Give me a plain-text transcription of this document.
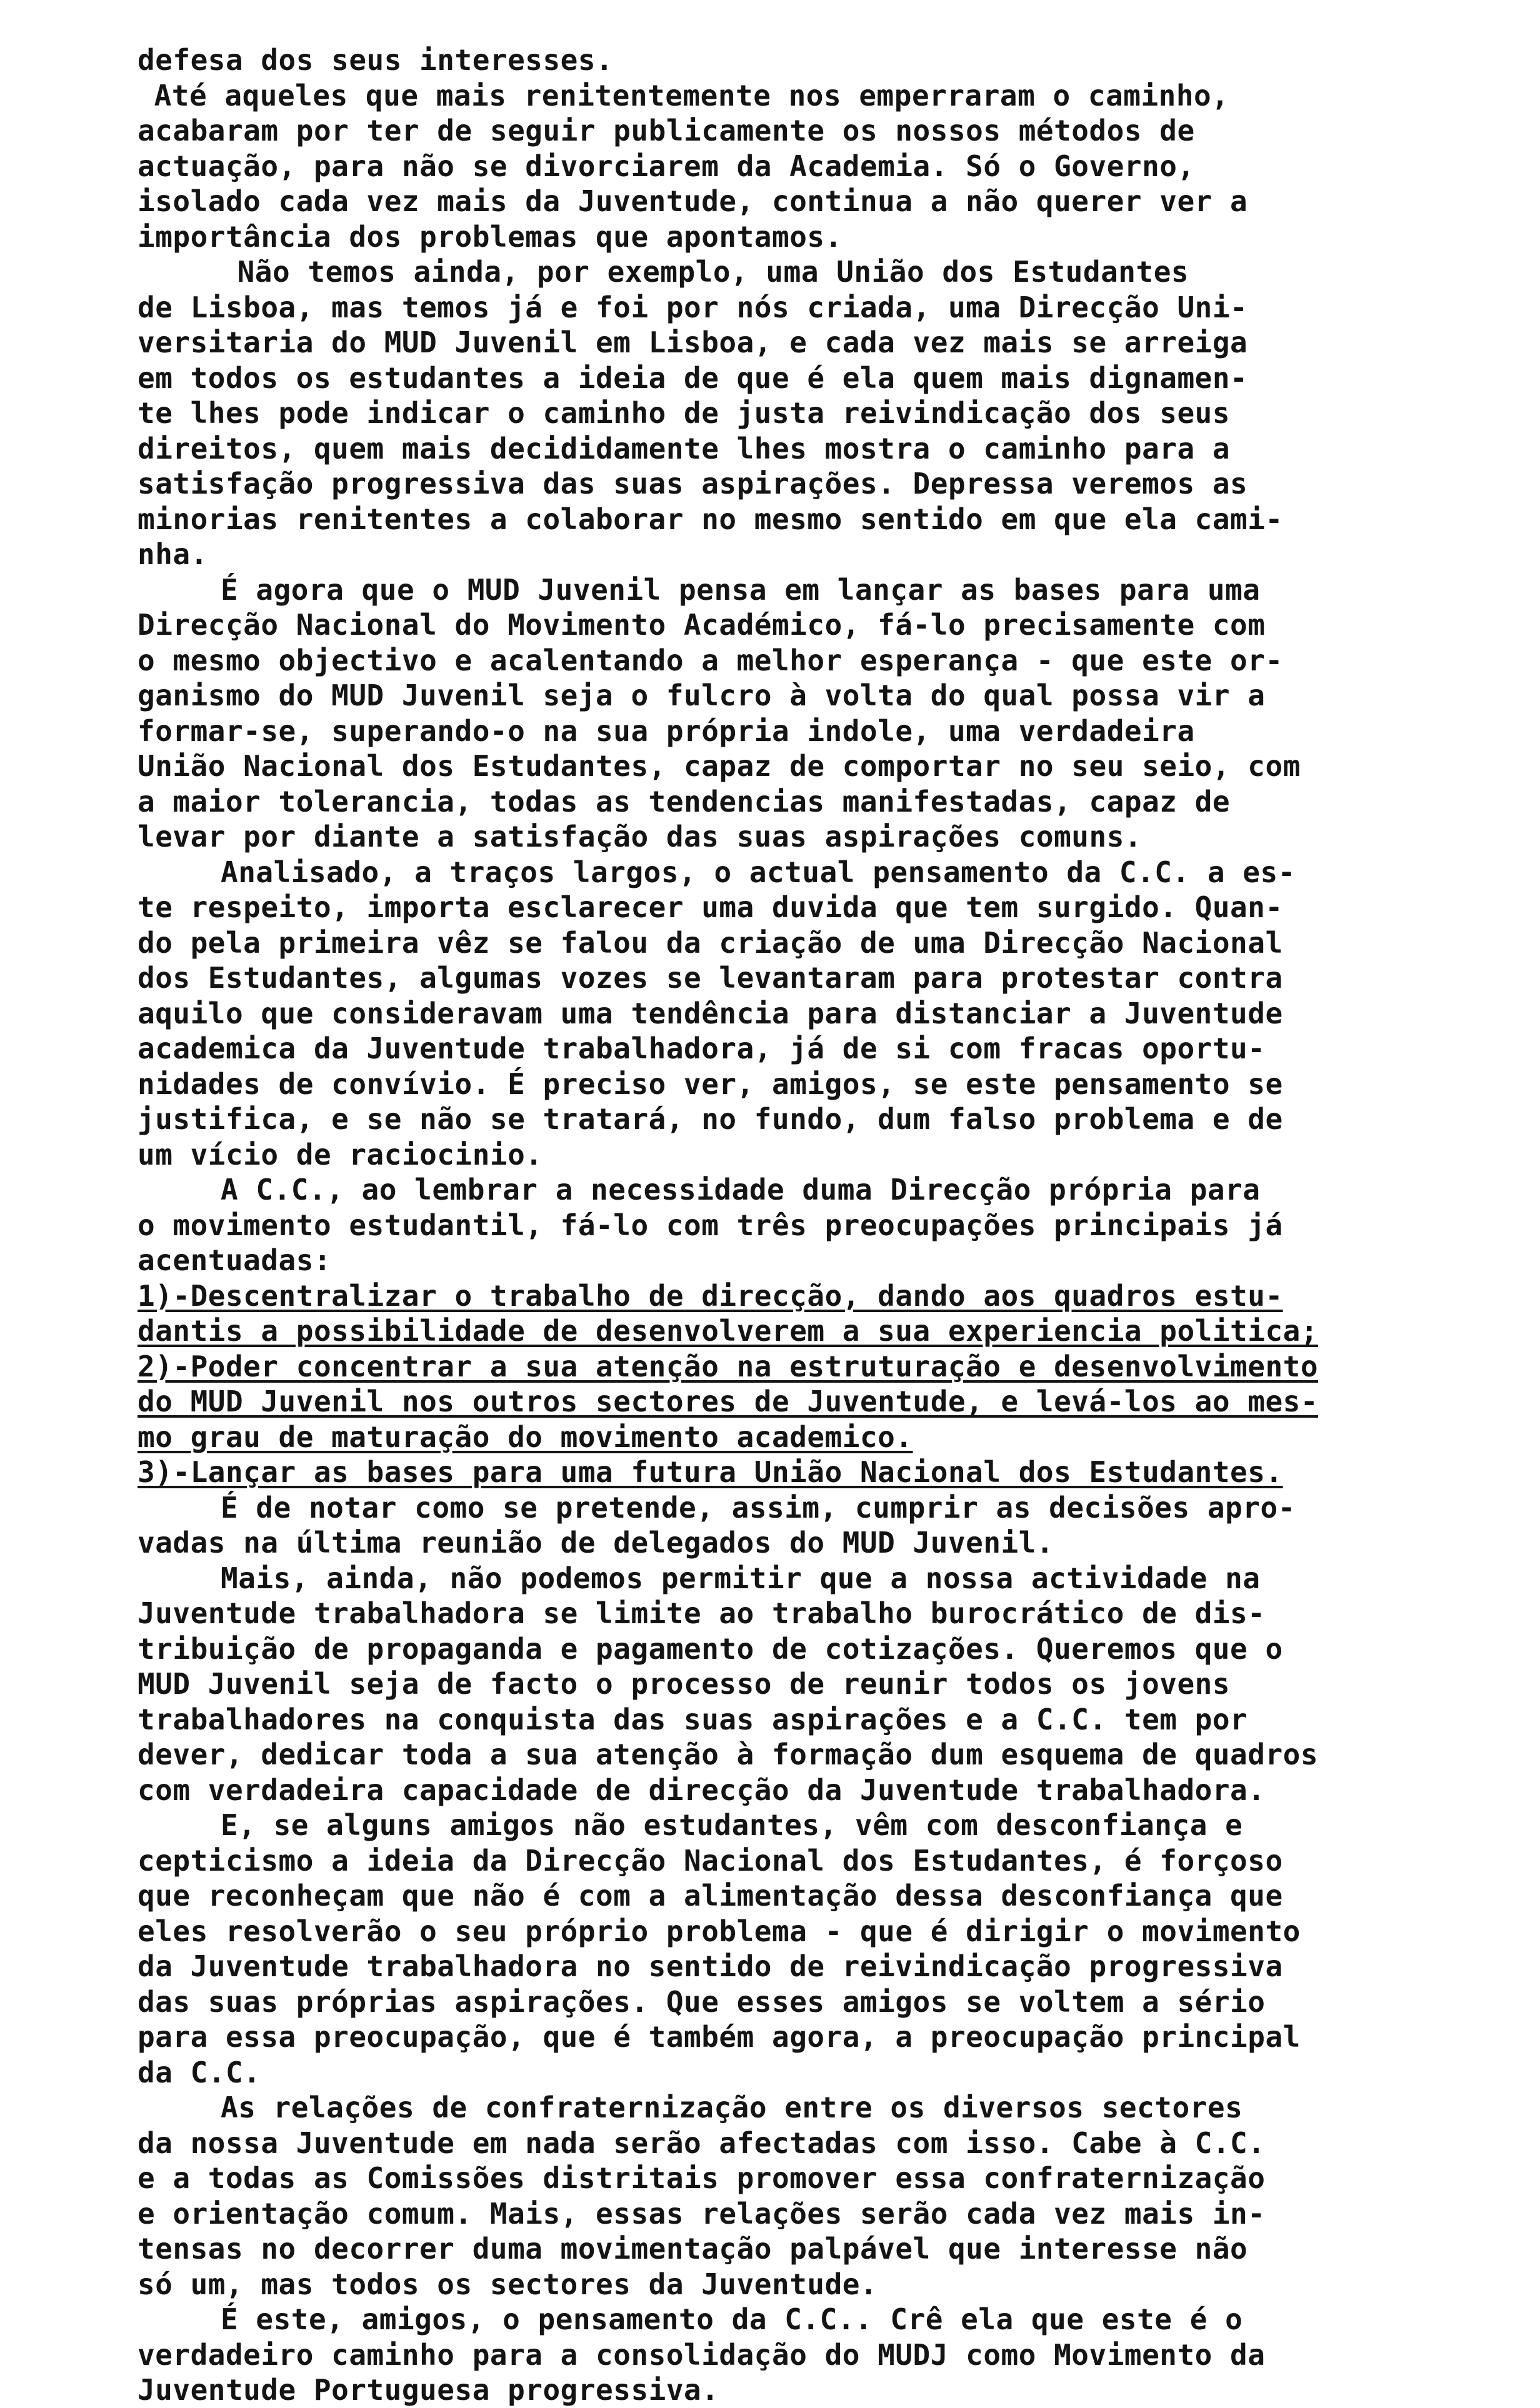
defesa dos seus interesses.
Até aqueles que mais renitentemente nos emperraram o caminho,
acabaram por ter de seguir publicamente os nossos métodos de
actuação, para não se divorciarem da Academia. Só o Governo,
isolado cada vez mais da Juventude, continua a não querer ver a
importância dos problemas que apontamos.
Não temos ainda, por exemplo, uma União dos Estudantes
de Lisboa, mas temos já e foi por nós criada, uma Direcção Uni-
versitaria do MUD Juvenil em Lisboa, e cada vez mais se arreiga
em todos os estudantes a ideia de que é ela quem mais dignamen-
te lhes pode indicar o caminho de justa reivindicação dos seus
direitos, quem mais decididamente lhes mostra o caminho para a
satisfação progressiva das suas aspirações. Depressa veremos as
minorias renitentes a colaborar no mesmo sentido em que ela cami-
nha.
É agora que o MUD Juvenil pensa em lançar as bases para uma
Direcção Nacional do Movimento Académico, fá-lo precisamente com
o mesmo objectivo e acalentando a melhor esperança - que este or-
ganismo do MUD Juvenil seja o fulcro à volta do qual possa vir a
formar-se, superando-o na sua própria indole, uma verdadeira
União Nacional dos Estudantes, capaz de comportar no seu seio, com
a maior tolerancia, todas as tendencias manifestadas, capaz de
levar por diante a satisfação das suas aspirações comuns.
Analisado, a traços largos, o actual pensamento da C.C. a es-
te respeito, importa esclarecer uma duvida que tem surgido. Quan-
do pela primeira vêz se falou da criação de uma Direcção Nacional
dos Estudantes, algumas vozes se levantaram para protestar contra
aquilo que consideravam uma tendência para distanciar a Juventude
academica da Juventude trabalhadora, já de si com fracas oportu-
nidades de convívio. É preciso ver, amigos, se este pensamento se
justifica, e se não se tratará, no fundo, dum falso problema e de
um vício de raciocinio.
A C.C., ao lembrar a necessidade duma Direcção própria para
o movimento estudantil, fá-lo com três preocupações principais já
acentuadas:
1)-Descentralizar o trabalho de direcção, dando aos quadros estu-
dantis a possibilidade de desenvolverem a sua experiencia politica;
2)-Poder concentrar a sua atenção na estruturação e desenvolvimento
do MUD Juvenil nos outros sectores de Juventude, e levá-los ao mes-
mo grau de maturação do movimento academico.
3)-Lançar as bases para uma futura União Nacional dos Estudantes.
É de notar como se pretende, assim, cumprir as decisões apro-
vadas na última reunião de delegados do MUD Juvenil.
Mais, ainda, não podemos permitir que a nossa actividade na
Juventude trabalhadora se limite ao trabalho burocrático de dis-
tribuição de propaganda e pagamento de cotizações. Queremos que o
MUD Juvenil seja de facto o processo de reunir todos os jovens
trabalhadores na conquista das suas aspirações e a C.C. tem por
dever, dedicar toda a sua atenção à formação dum esquema de quadros
com verdadeira capacidade de direcção da Juventude trabalhadora.
E, se alguns amigos não estudantes, vêm com desconfiança e
cepticismo a ideia da Direcção Nacional dos Estudantes, é forçoso
que reconheçam que não é com a alimentação dessa desconfiança que
eles resolverão o seu próprio problema - que é dirigir o movimento
da Juventude trabalhadora no sentido de reivindicação progressiva
das suas próprias aspirações. Que esses amigos se voltem a sério
para essa preocupação, que é também agora, a preocupação principal
da C.C.
As relações de confraternização entre os diversos sectores
da nossa Juventude em nada serão afectadas com isso. Cabe à C.C.
e a todas as Comissões distritais promover essa confraternização
e orientação comum. Mais, essas relações serão cada vez mais in-
tensas no decorrer duma movimentação palpável que interesse não
só um, mas todos os sectores da Juventude.
É este, amigos, o pensamento da C.C.. Crê ela que este é o
verdadeiro caminho para a consolidação do MUDJ como Movimento da
Juventude Portuguesa progressiva.
